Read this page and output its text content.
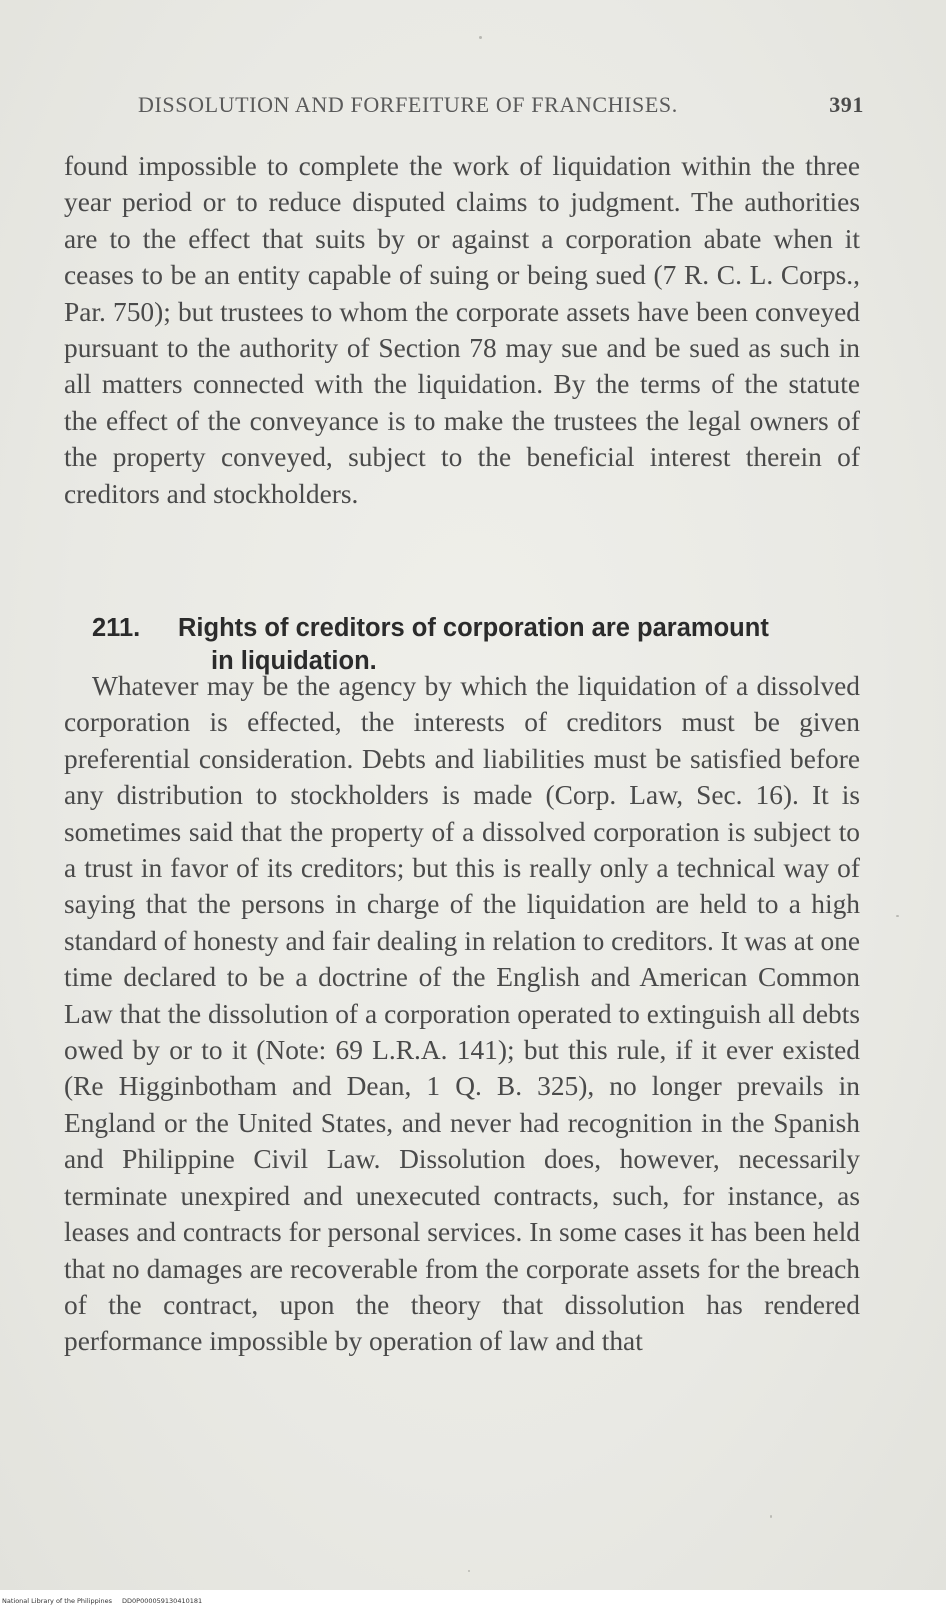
DISSOLUTION AND FORFEITURE OF FRANCHISES.	391
found impossible to complete the work of liquidation within the three year period or to reduce disputed claims to judgment. The authorities are to the effect that suits by or against a corporation abate when it ceases to be an entity capable of suing or being sued (7 R. C. L. Corps., Par. 750); but trustees to whom the corporate assets have been conveyed pursuant to the authority of Section 78 may sue and be sued as such in all matters connected with the liquidation. By the terms of the statute the effect of the conveyance is to make the trustees the legal owners of the property conveyed, subject to the beneficial interest therein of creditors and stockholders.
211. Rights of creditors of corporation are paramount
in liquidation.
Whatever may be the agency by which the liquidation of a dissolved corporation is effected, the interests of creditors must be given preferential consideration. Debts and liabilities must be satisfied before any distribution to stockholders is made (Corp. Law, Sec. 16). It is sometimes said that the property of a dissolved corporation is subject to a trust in favor of its creditors; but this is really only a technical way of saying that the persons in charge of the liquidation are held to a high standard of honesty and fair dealing in relation to creditors. It was at one time declared to be a doctrine of the English and American Common Law that the dissolution of a corporation operated to extinguish all debts owed by or to it (Note: 69 L.R.A. 141); but this rule, if it ever existed (Re Higginbotham and Dean, 1 Q. B. 325), no longer prevails in England or the United States, and never had recognition in the Spanish and Philippine Civil Law. Dissolution does, however, necessarily terminate unexpired and unexecuted contracts, such, for instance, as leases and contracts for personal services. In some cases it has been held that no damages are recoverable from the corporate assets for the breach of the contract, upon the theory that dissolution has rendered performance impossible by operation of law and that
National Library of the Philippines DD0P000059130410181
